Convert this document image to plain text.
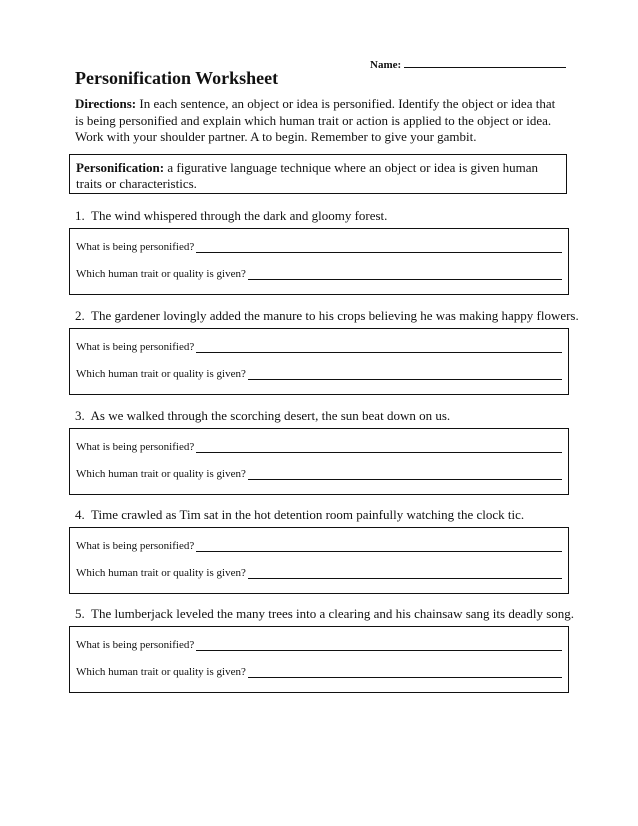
Name:
Personification Worksheet

Directions: In each sentence, an object or idea is personified. Identify the object or idea that is being personified and explain which human trait or action is applied to the object or idea. Work with your shoulder partner. A to begin. Remember to give your gambit.

Personification: a figurative language technique where an object or idea is given human traits or characteristics.
1. The wind whispered through the dark and gloomy forest.
What is being personified?
Which human trait or quality is given?
2. The gardener lovingly added the manure to his crops believing he was making happy flowers.
What is being personified?
Which human trait or quality is given?
3. As we walked through the scorching desert, the sun beat down on us.
What is being personified?
Which human trait or quality is given?
4. Time crawled as Tim sat in the hot detention room painfully watching the clock tic.
What is being personified?
Which human trait or quality is given?
5. The lumberjack leveled the many trees into a clearing and his chainsaw sang its deadly song.
What is being personified?
Which human trait or quality is given?
